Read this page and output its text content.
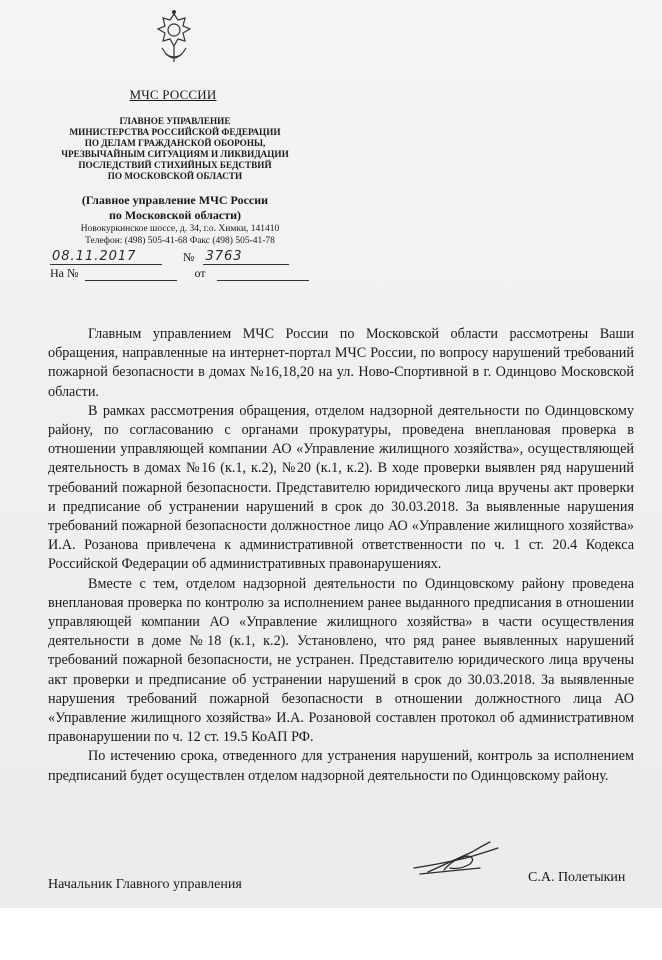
МЧС РОССИИ
ГЛАВНОЕ УПРАВЛЕНИЕ
МИНИСТЕРСТВА РОССИЙСКОЙ ФЕДЕРАЦИИ
ПО ДЕЛАМ ГРАЖДАНСКОЙ ОБОРОНЫ,
ЧРЕЗВЫЧАЙНЫМ СИТУАЦИЯМ И ЛИКВИДАЦИИ
ПОСЛЕДСТВИЙ СТИХИЙНЫХ БЕДСТВИЙ
ПО МОСКОВСКОЙ ОБЛАСТИ
(Главное управление МЧС России
по Московской области)
Новокуркинское шоссе, д. 34, г.о. Химки, 141410
Телефон: (498) 505-41-68 Факс (498) 505-41-78
08.11.2017	№ 3763
На №	от

Главным управлением МЧС России по Московской области рассмотрены Ваши обращения, направленные на интернет-портал МЧС России, по вопросу нарушений требований пожарной безопасности в домах №16,18,20 на ул. Ново-Спортивной в г. Одинцово Московской области.

В рамках рассмотрения обращения, отделом надзорной деятельности по Одинцовскому району, по согласованию с органами прокуратуры, проведена внеплановая проверка в отношении управляющей компании АО «Управление жилищного хозяйства», осуществляющей деятельность в домах №16 (к.1, к.2), №20 (к.1, к.2). В ходе проверки выявлен ряд нарушений требований пожарной безопасности. Представителю юридического лица вручены акт проверки и предписание об устранении нарушений в срок до 30.03.2018. За выявленные нарушения требований пожарной безопасности должностное лицо АО «Управление жилищного хозяйства» И.А. Розанова привлечена к административной ответственности по ч. 1 ст. 20.4 Кодекса Российской Федерации об административных правонарушениях.

Вместе с тем, отделом надзорной деятельности по Одинцовскому району проведена внеплановая проверка по контролю за исполнением ранее выданного предписания в отношении управляющей компании АО «Управление жилищного хозяйства» в части осуществления деятельности в доме №18 (к.1, к.2). Установлено, что ряд ранее выявленных нарушений требований пожарной безопасности, не устранен. Представителю юридического лица вручены акт проверки и предписание об устранении нарушений в срок до 30.03.2018. За выявленные нарушения требований пожарной безопасности в отношении должностного лица АО «Управление жилищного хозяйства» И.А. Розановой составлен протокол об административном правонарушении по ч. 12 ст. 19.5 КоАП РФ.

По истечению срока, отведенного для устранения нарушений, контроль за исполнением предписаний будет осуществлен отделом надзорной деятельности по Одинцовскому району.

Начальник Главного управления	С.А. Полетыкин
